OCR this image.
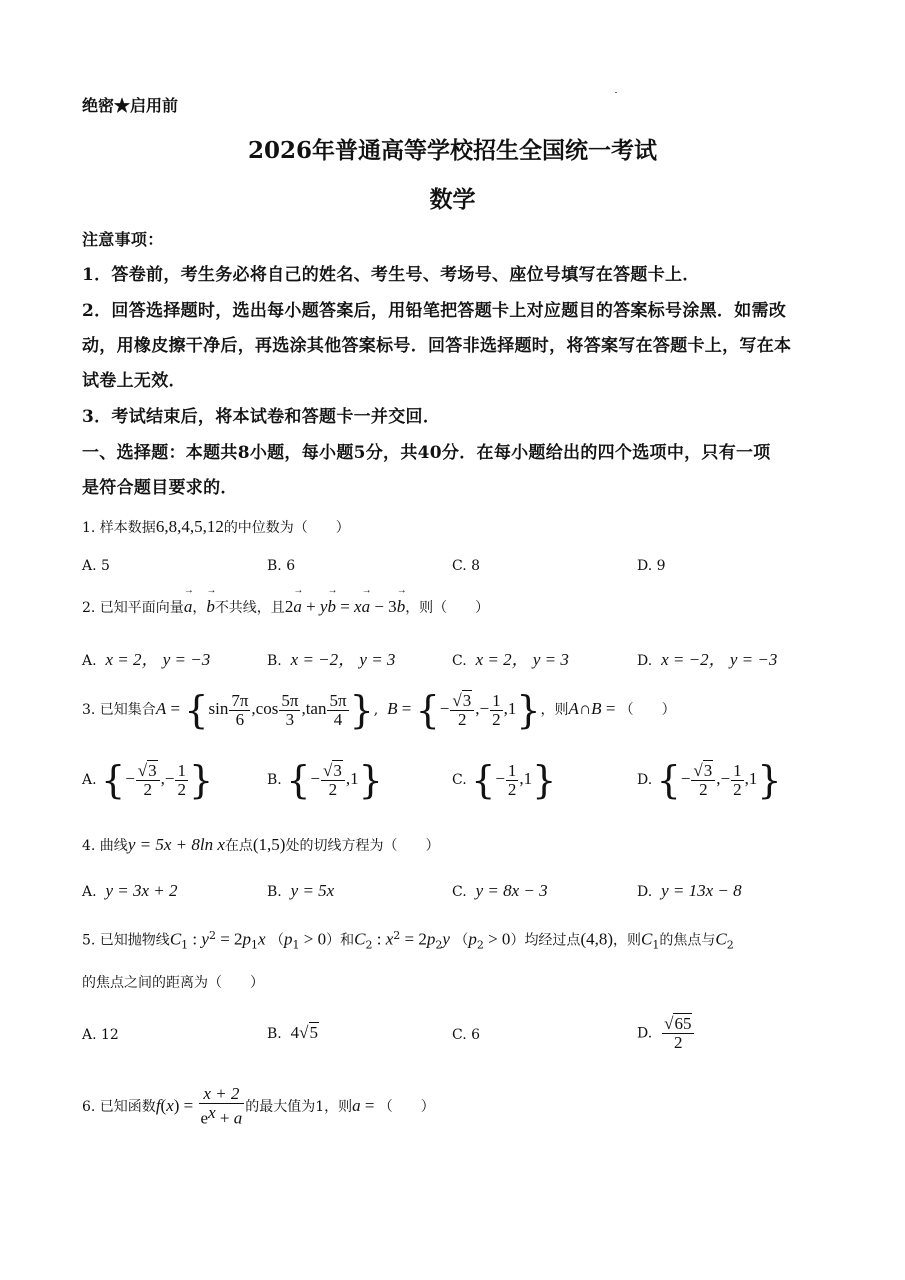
绝密★启用前
2026年普通高等学校招生全国统一考试
数学
注意事项：
1．答卷前，考生务必将自己的姓名、考生号、考场号、座位号填写在答题卡上．
2．回答选择题时，选出每小题答案后，用铅笔把答题卡上对应题目的答案标号涂黑．如需改
动，用橡皮擦干净后，再选涂其他答案标号．回答非选择题时，将答案写在答题卡上，写在本
试卷上无效．
3．考试结束后，将本试卷和答题卡一并交回．
一、选择题：本题共8小题，每小题5分，共40分．在每小题给出的四个选项中，只有一项
是符合题目要求的．
1. 样本数据6,8,4,5,12的中位数为（　　）
A. 5	B. 6	C. 8	D. 9
2. 已知平面向量→ a，→ b不共线，且2→ a + y→ b = x→ a − 3→ b，则（　　）
A. x = 2， y = −3	B. x = −2， y = 3	C. x = 2， y = 3	D. x = −2， y = −3
3. 已知集合$A = \{\sin \frac{7\pi}{6} ,\cos \frac{5\pi}{3} ,\tan \frac{5\pi}{4}$ },  B = {− $\frac{√3}{2}$ ,− $\frac{1}{2} ,1$}，则A∩B = （　　）
A. {− $\frac{√3}{2}$ ,− $\frac{1}{2}$ }	B. {− $\frac{√3}{2} ,1$}	C. {− $\frac{1}{2} ,1$}	D. {− $\frac{√3}{2}$ ,− $\frac{1}{2} ,1$}
4. 曲线y = 5x + 8ln x在点(1,5)处的切线方程为（　　）
A. y = 3x + 2	B. y = 5x	C. y = 8x − 3	D. y = 13x − 8
5. 已知抛物线$C_1$ : $y^2 = 2p_1x$ $(p_1 > 0)$和$C_2$ : $x^2 = 2p_2y$ $(p_2 > 0)$均经过点(4,8)，则$C_1$的焦点与$C_2$
的焦点之间的距离为（　　）
A. 12	B. 4√5	C. 6	D. $\frac{√65}{2}$
6. 已知函数$f(x) = \frac{x + 2}{e^x + a}$ 的最大值为1，则a = （　　）
